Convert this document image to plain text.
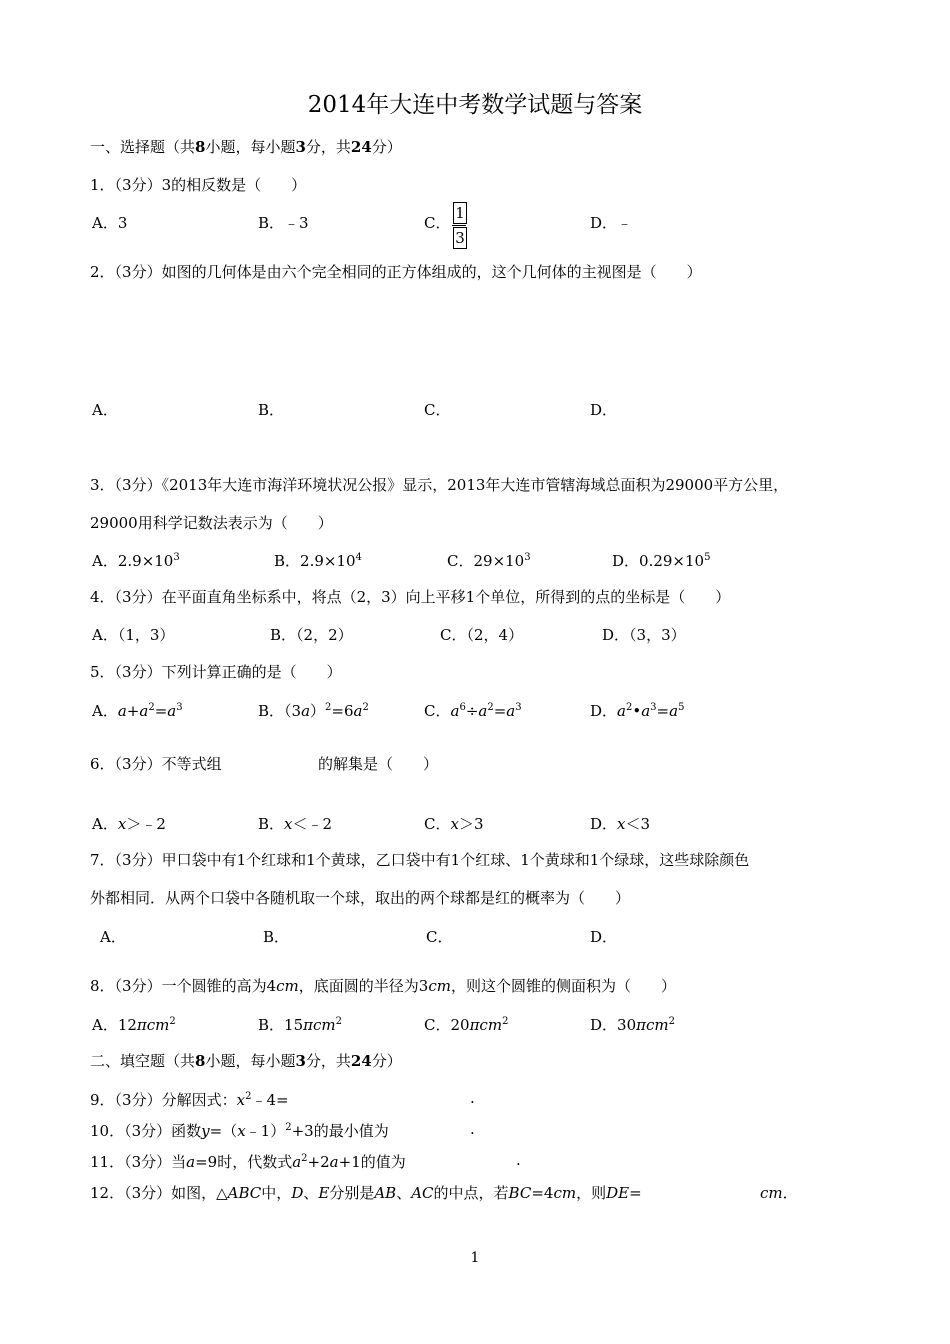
2014年大连中考数学试题与答案
一、选择题（共8小题，每小题3分，共24分）
1．（3分）3的相反数是（　　）
A．3	B．﹣3	C． $\frac{1}{3}$	D．﹣
2．（3分）如图的几何体是由六个完全相同的正方体组成的，这个几何体的主视图是（　　）
A．	B．	C．	D．
3．（3分）《2013年大连市海洋环境状况公报》显示，2013年大连市管辖海域总面积为29000平方公里，
29000用科学记数法表示为（　　）
A．$2.9\times 10^3$	B．$2.9\times 10^4$	C．$29\times 10^3$	D．$0.29\times 10^5$
4．（3分）在平面直角坐标系中，将点（2，3）向上平移1个单位，所得到的点的坐标是（　　）
A．（1，3）	B．（2，2）	C．（2，4）	D．（3，3）
5．（3分）下列计算正确的是（　　）
A．$a+a^2=a^3$	B．$(3a)^2=6a^2$	C．$a^6\div a^2=a^3$	D．$a^2•a^3=a^5$
6．（3分）不等式组	的解集是（　　）
A．x＞﹣2	B．x＜﹣2	C．x＞3	D．x＜3
7．（3分）甲口袋中有1个红球和1个黄球，乙口袋中有1个红球、1个黄球和1个绿球，这些球除颜色
外都相同．从两个口袋中各随机取一个球，取出的两个球都是红的概率为（　　）
A．	B．	C．	D．
8．（3分）一个圆锥的高为4cm，底面圆的半径为3cm，则这个圆锥的侧面积为（　　）
A．12πcm$^2$	B．15πcm$^2$	C．20πcm$^2$	D．30πcm$^2$
二、填空题（共8小题，每小题3分，共24分）
9．（3分）分解因式：$x^2﹣4=$	.
10．（3分）函数y=（x﹣1）$^2$+3的最小值为	.
11．（3分）当a=9时，代数式$a^2+2a+1$的值为	.
12．（3分）如图，△ABC中，D、E分别是AB、AC的中点，若BC=4cm，则DE=	cm．
1
